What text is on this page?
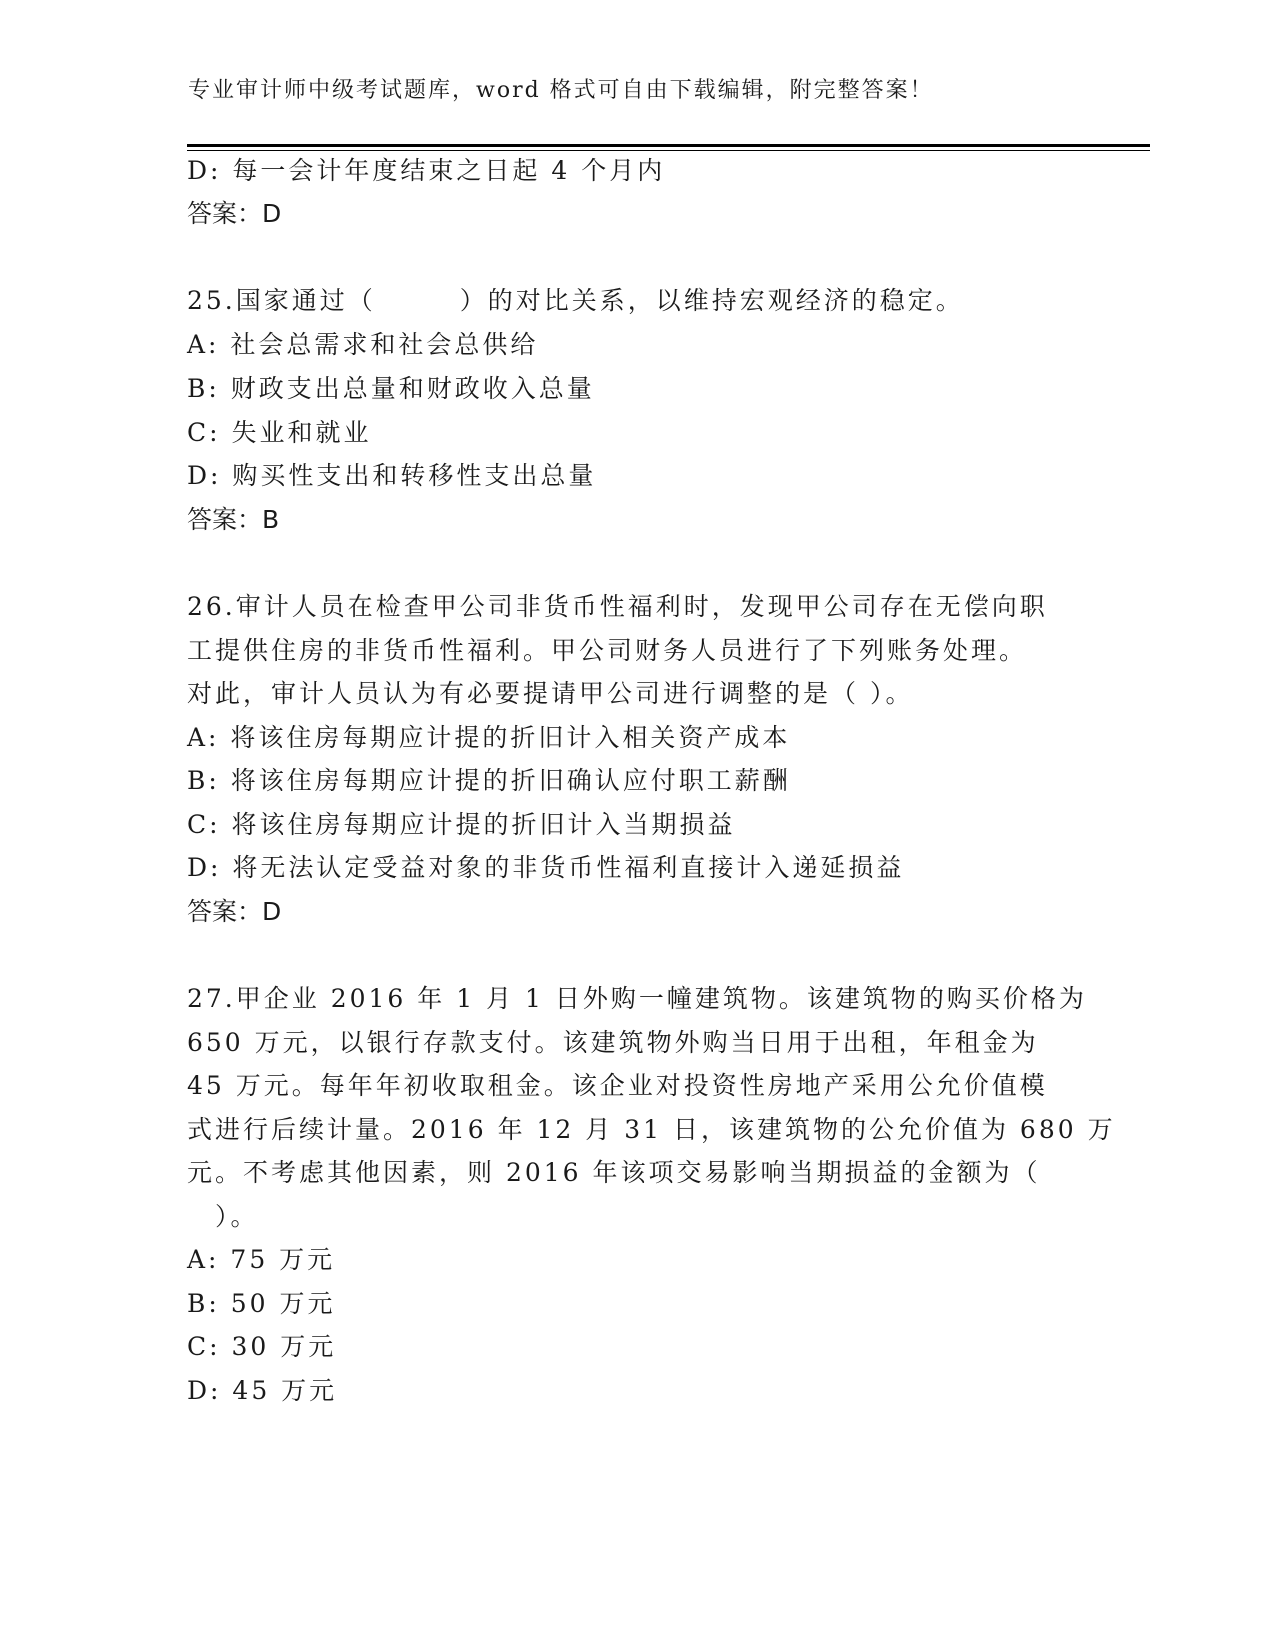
专业审计师中级考试题库，word 格式可自由下载编辑，附完整答案！
D: 每一会计年度结束之日起 4 个月内
答案：D
25.国家通过（　　　）的对比关系，以维持宏观经济的稳定。
A: 社会总需求和社会总供给
B: 财政支出总量和财政收入总量
C: 失业和就业
D: 购买性支出和转移性支出总量
答案：B
26.审计人员在检查甲公司非货币性福利时，发现甲公司存在无偿向职
工提供住房的非货币性福利。甲公司财务人员进行了下列账务处理。
对此，审计人员认为有必要提请甲公司进行调整的是（ ）。
A: 将该住房每期应计提的折旧计入相关资产成本
B: 将该住房每期应计提的折旧确认应付职工薪酬
C: 将该住房每期应计提的折旧计入当期损益
D: 将无法认定受益对象的非货币性福利直接计入递延损益
答案：D
27.甲企业 2016 年 1 月 1 日外购一幢建筑物。该建筑物的购买价格为
650 万元，以银行存款支付。该建筑物外购当日用于出租，年租金为
45 万元。每年年初收取租金。该企业对投资性房地产采用公允价值模
式进行后续计量。2016 年 12 月 31 日，该建筑物的公允价值为 680 万
元。不考虑其他因素，则 2016 年该项交易影响当期损益的金额为（
　）。
A: 75 万元
B: 50 万元
C: 30 万元
D: 45 万元
